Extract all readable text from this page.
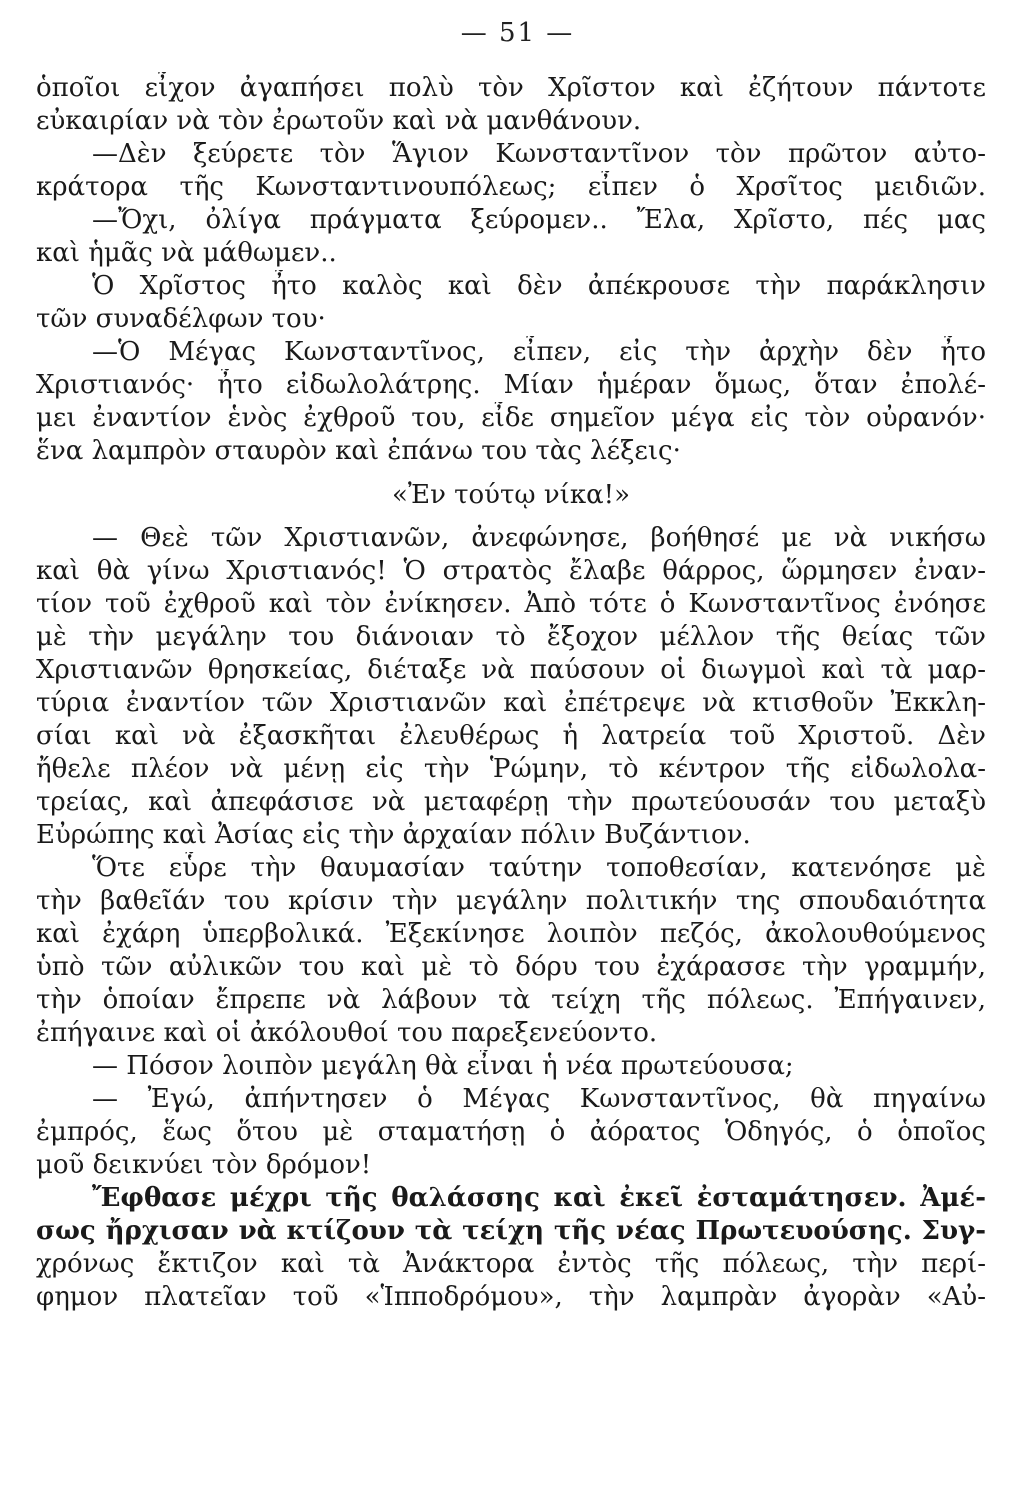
— 51 —
ὁποῖοι εἶχον ἀγαπήσει πολὺ τὸν Χρῖστον καὶ ἐζήτουν πάντοτε
εὐκαιρίαν νὰ τὸν ἐρωτοῦν καὶ νὰ μανθάνουν.
—Δὲν ξεύρετε τὸν Ἅγιον Κωνσταντῖνον τὸν πρῶτον αὐτο-
κράτορα τῆς Κωνσταντινουπόλεως; εἶπεν ὁ Χρσῖτος μειδιῶν.
—Ὄχι, ὀλίγα πράγματα ξεύρομεν.. Ἔλα, Χρῖστο, πές μας
καὶ ἡμᾶς νὰ μάθωμεν..
Ὁ Χρῖστος ἦτο καλὸς καὶ δὲν ἀπέκρουσε τὴν παράκλησιν
τῶν συναδέλφων του·
—Ὁ Μέγας Κωνσταντῖνος, εἶπεν, εἰς τὴν ἀρχὴν δὲν ἦτο
Χριστιανός· ἦτο εἰδωλολάτρης. Μίαν ἡμέραν ὅμως, ὅταν ἐπολέ-
μει ἐναντίον ἑνὸς ἐχθροῦ του, εἶδε σημεῖον μέγα εἰς τὸν οὐρανόν·
ἕνα λαμπρὸν σταυρὸν καὶ ἐπάνω του τὰς λέξεις·
«Ἐν τούτῳ νίκα!»
— Θεὲ τῶν Χριστιανῶν, ἀνεφώνησε, βοήθησέ με νὰ νικήσω
καὶ θὰ γίνω Χριστιανός! Ὁ στρατὸς ἔλαβε θάρρος, ὥρμησεν ἐναν-
τίον τοῦ ἐχθροῦ καὶ τὸν ἐνίκησεν. Ἀπὸ τότε ὁ Κωνσταντῖνος ἐνόησε
μὲ τὴν μεγάλην του διάνοιαν τὸ ἔξοχον μέλλον τῆς θείας τῶν
Χριστιανῶν θρησκείας, διέταξε νὰ παύσουν οἱ διωγμοὶ καὶ τὰ μαρ-
τύρια ἐναντίον τῶν Χριστιανῶν καὶ ἐπέτρεψε νὰ κτισθοῦν Ἐκκλη-
σίαι καὶ νὰ ἐξασκῆται ἐλευθέρως ἡ λατρεία τοῦ Χριστοῦ. Δὲν
ἤθελε πλέον νὰ μένῃ εἰς τὴν Ῥώμην, τὸ κέντρον τῆς εἰδωλολα-
τρείας, καὶ ἀπεφάσισε νὰ μεταφέρῃ τὴν πρωτεύουσάν του μεταξὺ
Εὐρώπης καὶ Ἀσίας εἰς τὴν ἀρχαίαν πόλιν Βυζάντιον.
Ὅτε εὗρε τὴν θαυμασίαν ταύτην τοποθεσίαν, κατενόησε μὲ
τὴν βαθεῖάν του κρίσιν τὴν μεγάλην πολιτικήν της σπουδαιότητα
καὶ ἐχάρη ὑπερβολικά. Ἐξεκίνησε λοιπὸν πεζός, ἀκολουθούμενος
ὑπὸ τῶν αὐλικῶν του καὶ μὲ τὸ δόρυ του ἐχάρασσε τὴν γραμμήν,
τὴν ὁποίαν ἔπρεπε νὰ λάβουν τὰ τείχη τῆς πόλεως. Ἐπήγαινεν,
ἐπήγαινε καὶ οἱ ἀκόλουθοί του παρεξενεύοντο.
— Πόσον λοιπὸν μεγάλη θὰ εἶναι ἡ νέα πρωτεύουσα;
— Ἐγώ, ἀπήντησεν ὁ Μέγας Κωνσταντῖνος, θὰ πηγαίνω
ἐμπρός, ἕως ὅτου μὲ σταματήσῃ ὁ ἀόρατος Ὁδηγός, ὁ ὁποῖος
μοῦ δεικνύει τὸν δρόμον!
Ἔφθασε μέχρι τῆς θαλάσσης καὶ ἐκεῖ ἐσταμάτησεν. Ἀμέ-
σως ἤρχισαν νὰ κτίζουν τὰ τείχη τῆς νέας Πρωτευούσης. Συγ-
χρόνως ἔκτιζον καὶ τὰ Ἀνάκτορα ἐντὸς τῆς πόλεως, τὴν περί-
φημον πλατεῖαν τοῦ «Ἱπποδρόμου», τὴν λαμπρὰν ἀγορὰν «Αὐ-
